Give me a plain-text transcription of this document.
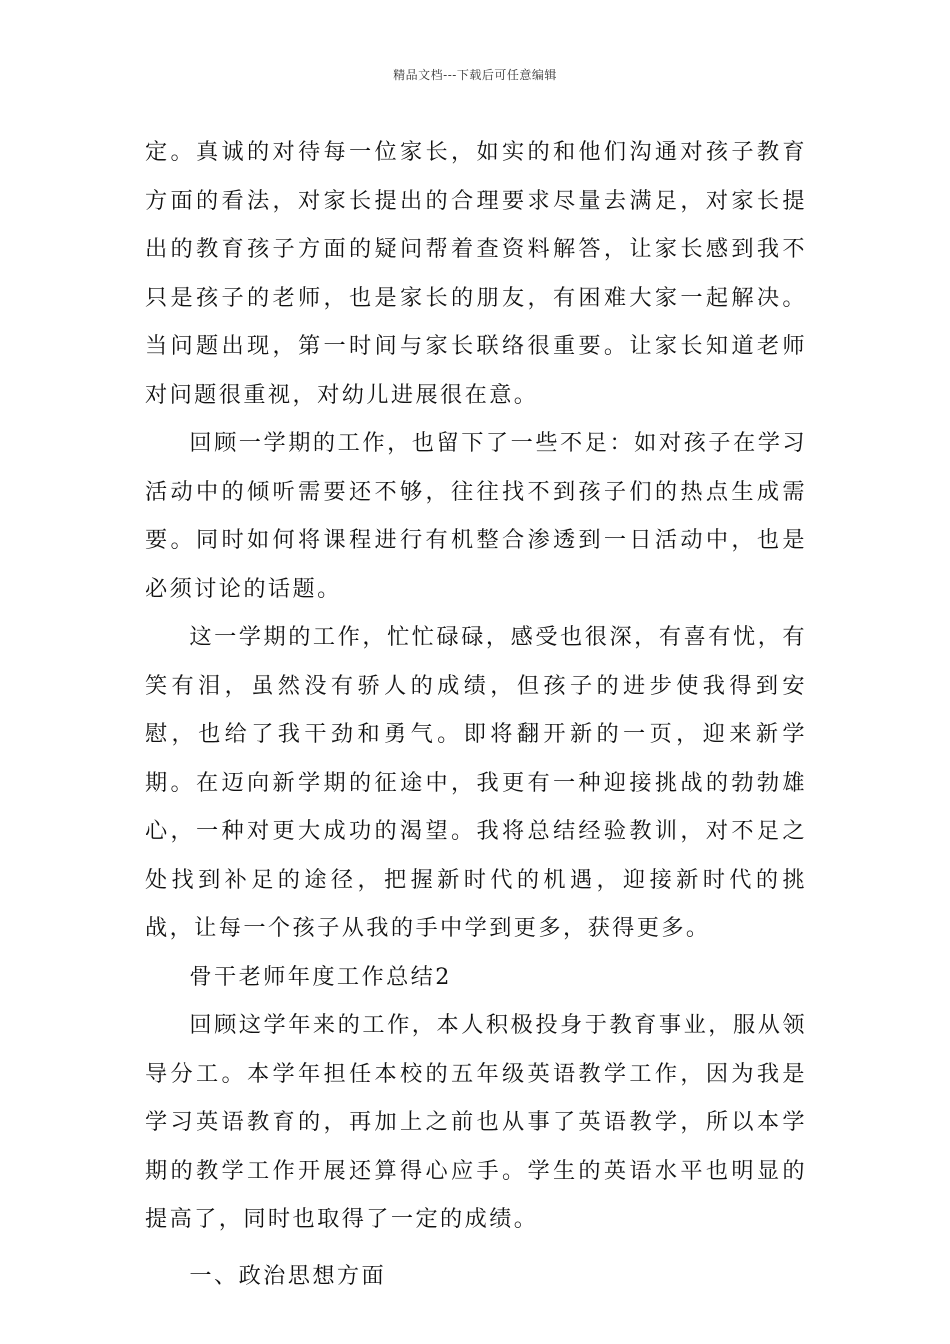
精品文档---下载后可任意编辑

定。真诚的对待每一位家长，如实的和他们沟通对孩子教育方面的看法，对家长提出的合理要求尽量去满足，对家长提出的教育孩子方面的疑问帮着查资料解答，让家长感到我不只是孩子的老师，也是家长的朋友，有困难大家一起解决。当问题出现，第一时间与家长联络很重要。让家长知道老师对问题很重视，对幼儿进展很在意。

回顾一学期的工作，也留下了一些不足：如对孩子在学习活动中的倾听需要还不够，往往找不到孩子们的热点生成需要。同时如何将课程进行有机整合渗透到一日活动中，也是必须讨论的话题。

这一学期的工作，忙忙碌碌，感受也很深，有喜有忧，有笑有泪，虽然没有骄人的成绩，但孩子的进步使我得到安慰，也给了我干劲和勇气。即将翻开新的一页，迎来新学期。在迈向新学期的征途中，我更有一种迎接挑战的勃勃雄心，一种对更大成功的渴望。我将总结经验教训，对不足之处找到补足的途径，把握新时代的机遇，迎接新时代的挑战，让每一个孩子从我的手中学到更多，获得更多。

骨干老师年度工作总结2

回顾这学年来的工作，本人积极投身于教育事业，服从领导分工。本学年担任本校的五年级英语教学工作，因为我是学习英语教育的，再加上之前也从事了英语教学，所以本学期的教学工作开展还算得心应手。学生的英语水平也明显的提高了，同时也取得了一定的成绩。

一、政治思想方面
